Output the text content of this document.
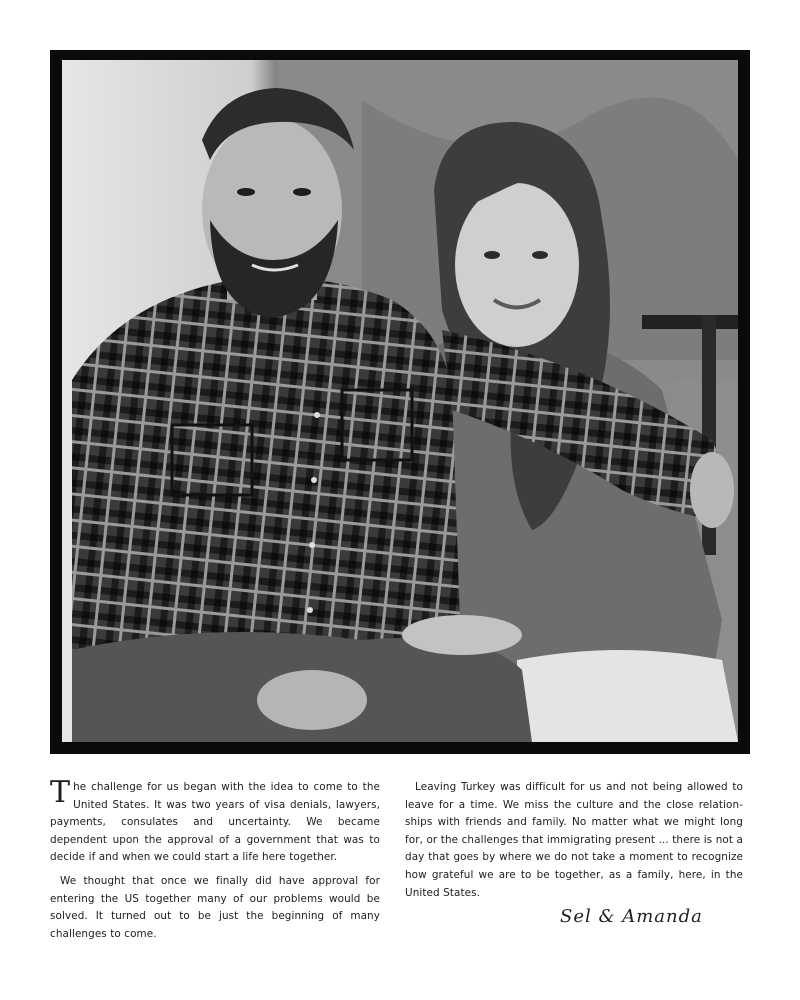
The challenge for us began with the idea to come to the United States. It was two years of visa denials, lawyers, payments, consulates and uncertainty. We became dependent upon the approval of a government that was to decide if and when we could start a life here together.

We thought that once we finally did have approval for entering the US together many of our problems would be solved. It turned out to be just the beginning of many challenges to come.

Leaving Turkey was difficult for us and not being allowed to leave for a time. We miss the culture and the close relation-ships with friends and family. No matter what we might long for, or the challenges that immigrating present ... there is not a day that goes by where we do not take a moment to recognize how grateful we are to be together, as a family, here, in the United States.

Sel & Amanda
